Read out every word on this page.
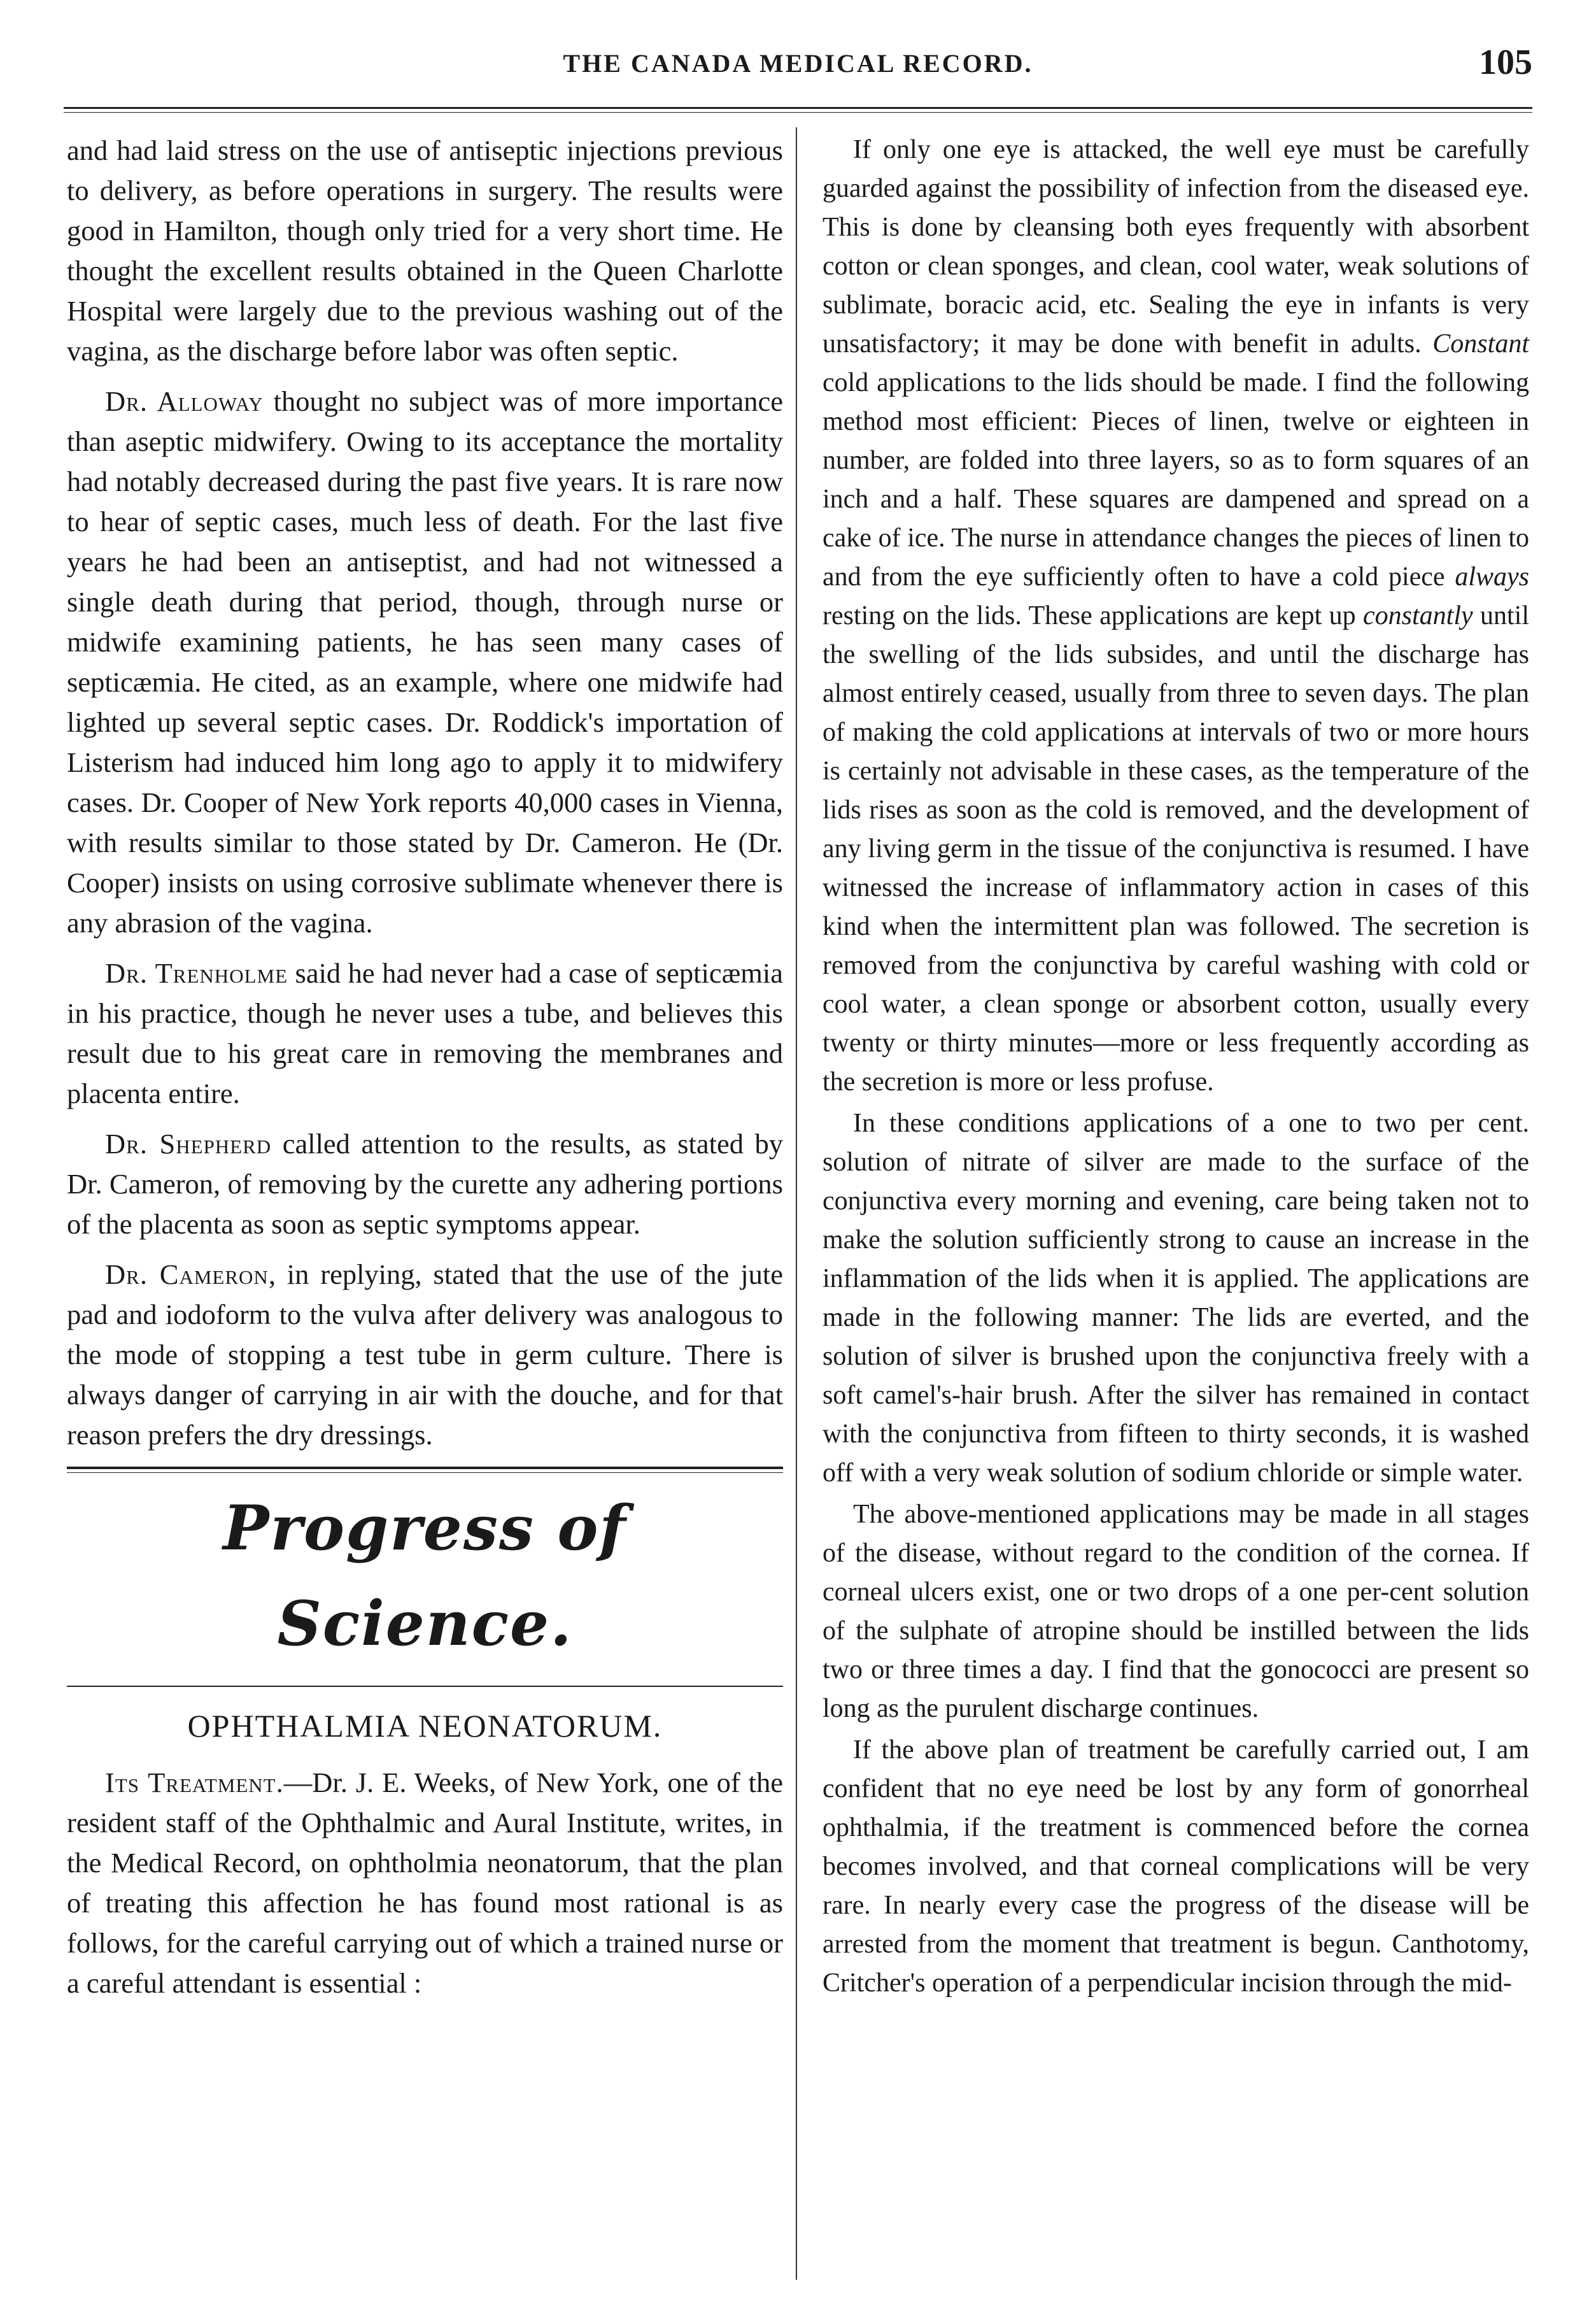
THE CANADA MEDICAL RECORD.	105

and had laid stress on the use of antiseptic injections previous to delivery, as before operations in surgery. The results were good in Hamilton, though only tried for a very short time. He thought the excellent results obtained in the Queen Charlotte Hospital were largely due to the previous washing out of the vagina, as the discharge before labor was often septic.

Dr. Alloway thought no subject was of more importance than aseptic midwifery. Owing to its acceptance the mortality had notably decreased during the past five years. It is rare now to hear of septic cases, much less of death. For the last five years he had been an antiseptist, and had not witnessed a single death during that period, though, through nurse or midwife examining patients, he has seen many cases of septicæmia. He cited, as an example, where one midwife had lighted up several septic cases. Dr. Roddick's importation of Listerism had induced him long ago to apply it to midwifery cases. Dr. Cooper of New York reports 40,000 cases in Vienna, with results similar to those stated by Dr. Cameron. He (Dr. Cooper) insists on using corrosive sublimate whenever there is any abrasion of the vagina.

Dr. Trenholme said he had never had a case of septicæmia in his practice, though he never uses a tube, and believes this result due to his great care in removing the membranes and placenta entire.

Dr. Shepherd called attention to the results, as stated by Dr. Cameron, of removing by the curette any adhering portions of the placenta as soon as septic symptoms appear.

Dr. Cameron, in replying, stated that the use of the jute pad and iodoform to the vulva after delivery was analogous to the mode of stopping a test tube in germ culture. There is always danger of carrying in air with the douche, and for that reason prefers the dry dressings.

Progress of Science.
OPHTHALMIA NEONATORUM.

Its Treatment.—Dr. J. E. Weeks, of New York, one of the resident staff of the Ophthalmic and Aural Institute, writes, in the Medical Record, on ophtholmia neonatorum, that the plan of treating this affection he has found most rational is as follows, for the careful carrying out of which a trained nurse or a careful attendant is essential :

If only one eye is attacked, the well eye must be carefully guarded against the possibility of infection from the diseased eye. This is done by cleansing both eyes frequently with absorbent cotton or clean sponges, and clean, cool water, weak solutions of sublimate, boracic acid, etc. Sealing the eye in infants is very unsatisfactory; it may be done with benefit in adults. Constant cold applications to the lids should be made. I find the following method most efficient: Pieces of linen, twelve or eighteen in number, are folded into three layers, so as to form squares of an inch and a half. These squares are dampened and spread on a cake of ice. The nurse in attendance changes the pieces of linen to and from the eye sufficiently often to have a cold piece always resting on the lids. These applications are kept up constantly until the swelling of the lids subsides, and until the discharge has almost entirely ceased, usually from three to seven days. The plan of making the cold applications at intervals of two or more hours is certainly not advisable in these cases, as the temperature of the lids rises as soon as the cold is removed, and the development of any living germ in the tissue of the conjunctiva is resumed. I have witnessed the increase of inflammatory action in cases of this kind when the intermittent plan was followed. The secretion is removed from the conjunctiva by careful washing with cold or cool water, a clean sponge or absorbent cotton, usually every twenty or thirty minutes—more or less frequently according as the secretion is more or less profuse.

In these conditions applications of a one to two per cent. solution of nitrate of silver are made to the surface of the conjunctiva every morning and evening, care being taken not to make the solution sufficiently strong to cause an increase in the inflammation of the lids when it is applied. The applications are made in the following manner: The lids are everted, and the solution of silver is brushed upon the conjunctiva freely with a soft camel's-hair brush. After the silver has remained in contact with the conjunctiva from fifteen to thirty seconds, it is washed off with a very weak solution of sodium chloride or simple water.

The above-mentioned applications may be made in all stages of the disease, without regard to the condition of the cornea. If corneal ulcers exist, one or two drops of a one per-cent solution of the sulphate of atropine should be instilled between the lids two or three times a day. I find that the gonococci are present so long as the purulent discharge continues.

If the above plan of treatment be carefully carried out, I am confident that no eye need be lost by any form of gonorrheal ophthalmia, if the treatment is commenced before the cornea becomes involved, and that corneal complications will be very rare. In nearly every case the progress of the disease will be arrested from the moment that treatment is begun. Canthotomy, Critcher's operation of a perpendicular incision through the mid-
